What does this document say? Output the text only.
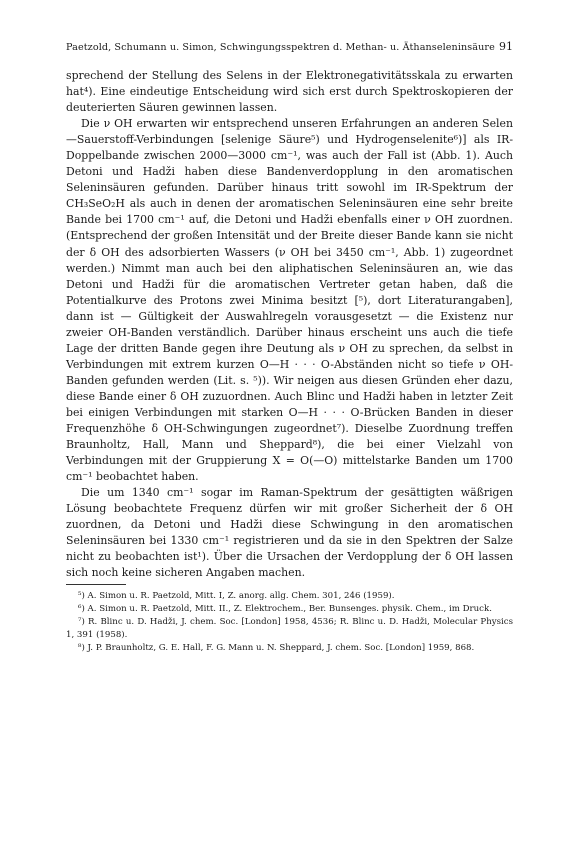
Paetzold, Schumann u. Simon, Schwingungsspektren d. Methan- u. Äthanseleninsäure 91

sprechend der Stellung des Selens in der Elektronegativitätsskala zu erwarten hat⁴). Eine eindeutige Entscheidung wird sich erst durch Spektroskopieren der deuterierten Säuren gewinnen lassen.

Die ν OH erwarten wir entsprechend unseren Erfahrungen an anderen Selen—Sauerstoff-Verbindungen [selenige Säure⁵) und Hydrogenselenite⁶)] als IR-Doppelbande zwischen 2000—3000 cm⁻¹, was auch der Fall ist (Abb. 1). Auch Detoni und Hadži haben diese Bandenverdopplung in den aromatischen Seleninsäuren gefunden. Darüber hinaus tritt sowohl im IR-Spektrum der CH₃SeO₂H als auch in denen der aromatischen Seleninsäuren eine sehr breite Bande bei 1700 cm⁻¹ auf, die Detoni und Hadži ebenfalls einer ν OH zuordnen. (Entsprechend der großen Intensität und der Breite dieser Bande kann sie nicht der δ OH des adsorbierten Wassers (ν OH bei 3450 cm⁻¹, Abb. 1) zugeordnet werden.) Nimmt man auch bei den aliphatischen Seleninsäuren an, wie das Detoni und Hadži für die aromatischen Vertreter getan haben, daß die Potentialkurve des Protons zwei Minima besitzt [⁵), dort Literaturangaben], dann ist — Gültigkeit der Auswahlregeln vorausgesetzt — die Existenz nur zweier OH-Banden verständlich. Darüber hinaus erscheint uns auch die tiefe Lage der dritten Bande gegen ihre Deutung als ν OH zu sprechen, da selbst in Verbindungen mit extrem kurzen O—H · · · O-Abständen nicht so tiefe ν OH-Banden gefunden werden (Lit. s. ⁵)). Wir neigen aus diesen Gründen eher dazu, diese Bande einer δ OH zuzuordnen. Auch Blinc und Hadži haben in letzter Zeit bei einigen Verbindungen mit starken O—H · · · O-Brücken Banden in dieser Frequenzhöhe δ OH-Schwingungen zugeordnet⁷). Dieselbe Zuordnung treffen Braunholtz, Hall, Mann und Sheppard⁸), die bei einer Vielzahl von Verbindungen mit der Gruppierung X = O(—O) mittelstarke Banden um 1700 cm⁻¹ beobachtet haben.

Die um 1340 cm⁻¹ sogar im Raman-Spektrum der gesättigten wäßrigen Lösung beobachtete Frequenz dürfen wir mit großer Sicherheit der δ OH zuordnen, da Detoni und Hadži diese Schwingung in den aromatischen Seleninsäuren bei 1330 cm⁻¹ registrieren und da sie in den Spektren der Salze nicht zu beobachten ist¹). Über die Ursachen der Verdopplung der δ OH lassen sich noch keine sicheren Angaben machen.

⁵) A. Simon u. R. Paetzold, Mitt. I, Z. anorg. allg. Chem. 301, 246 (1959).

⁶) A. Simon u. R. Paetzold, Mitt. II., Z. Elektrochem., Ber. Bunsenges. physik. Chem., im Druck.

⁷) R. Blinc u. D. Hadži, J. chem. Soc. [London] 1958, 4536; R. Blinc u. D. Hadži, Molecular Physics 1, 391 (1958).

⁸) J. P. Braunholtz, G. E. Hall, F. G. Mann u. N. Sheppard, J. chem. Soc. [London] 1959, 868.
